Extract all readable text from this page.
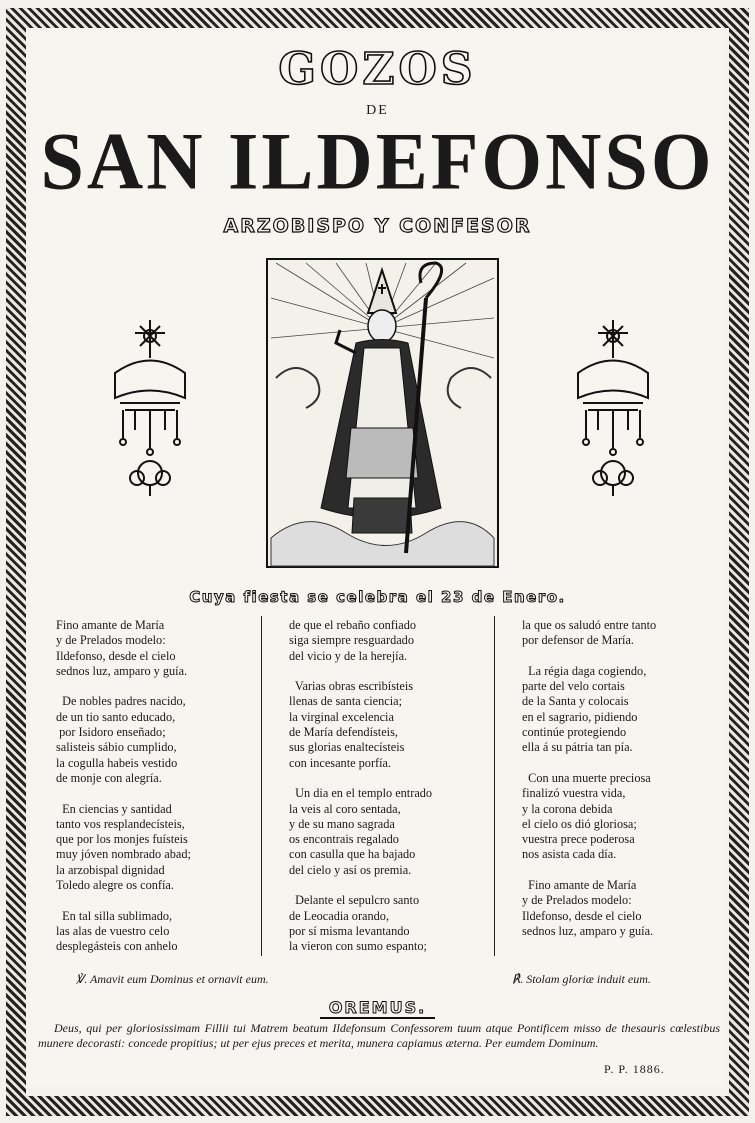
GOZOS
DE
SAN ILDEFONSO
ARZOBISPO Y CONFESOR
Cuya fiesta se celebra el 23 de Enero.
Fino amante de María
y de Prelados modelo:
Ildefonso, desde el cielo
sednos luz, amparo y guía.

De nobles padres nacido,
de un tio santo educado,
por Isidoro enseñado;
salisteis sábio cumplido,
la cogulla habeis vestido
de monje con alegría.

En ciencias y santidad
tanto vos resplandecísteis,
que por los monjes fuísteis
muy jóven nombrado abad;
la arzobispal dignidad
Toledo alegre os confía.

En tal silla sublimado,
las alas de vuestro celo
desplegásteis con anhelo
de que el rebaño confiado
siga siempre resguardado
del vicio y de la herejía.

Varias obras escribísteis
llenas de santa ciencia;
la virginal excelencia
de María defendísteis,
sus glorias enaltecísteis
con incesante porfía.

Un dia en el templo entrado
la veis al coro sentada,
y de su mano sagrada
os encontrais regalado
con casulla que ha bajado
del cielo y así os premia.

Delante el sepulcro santo
de Leocadia orando,
por sí misma levantando
la vieron con sumo espanto;
la que os saludó entre tanto
por defensor de María.

La régia daga cogiendo,
parte del velo cortais
de la Santa y colocais
en el sagrario, pidiendo
continúe protegiendo
ella á su pátria tan pía.

Con una muerte preciosa
finalizó vuestra vida,
y la corona debida
el cielo os dió gloriosa;
vuestra prece poderosa
nos asista cada día.

Fino amante de María
y de Prelados modelo:
Ildefonso, desde el cielo
sednos luz, amparo y guía.
℣. Amavit eum Dominus et ornavit eum.	℟. Stolam gloriæ induit eum.
OREMUS.
Deus, qui per gloriosissimam Fillii tui Matrem beatum Ildefonsum Confessorem tuum atque Pontificem misso de thesauris cœlestibus munere decorasti: concede propitius; ut per ejus preces et merita, munera capiamus æterna. Per eumdem Dominum.
P. P. 1886.
